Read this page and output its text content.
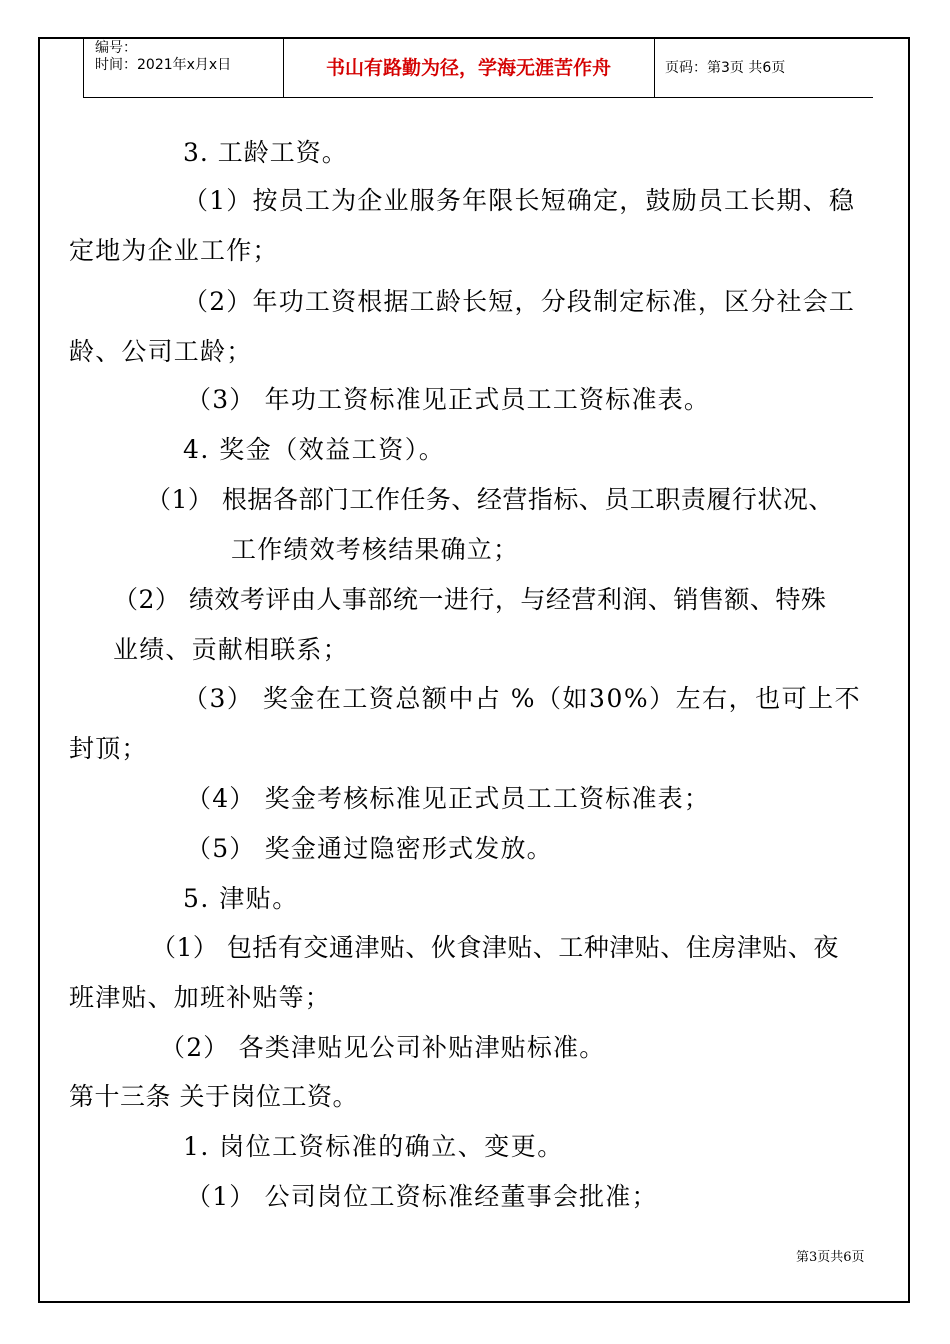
编号：
时间：2021年x月x日	书山有路勤为径，学海无涯苦作舟	页码：第3页 共6页
3. 工龄工资。
（1）按员工为企业服务年限长短确定，鼓励员工长期、稳
定地为企业工作；
（2）年功工资根据工龄长短，分段制定标准，区分社会工
龄、公司工龄；
（3） 年功工资标准见正式员工工资标准表。
4. 奖金（效益工资）。
（1） 根据各部门工作任务、经营指标、员工职责履行状况、
工作绩效考核结果确立；
（2） 绩效考评由人事部统一进行，与经营利润、销售额、特殊
业绩、贡献相联系；
（3） 奖金在工资总额中占 %（如30%）左右，也可上不
封顶；
（4） 奖金考核标准见正式员工工资标准表；
（5） 奖金通过隐密形式发放。
5. 津贴。
（1） 包括有交通津贴、伙食津贴、工种津贴、住房津贴、夜
班津贴、加班补贴等；
（2） 各类津贴见公司补贴津贴标准。
第十三条 关于岗位工资。
1. 岗位工资标准的确立、变更。
（1） 公司岗位工资标准经董事会批准；
第3页共6页
